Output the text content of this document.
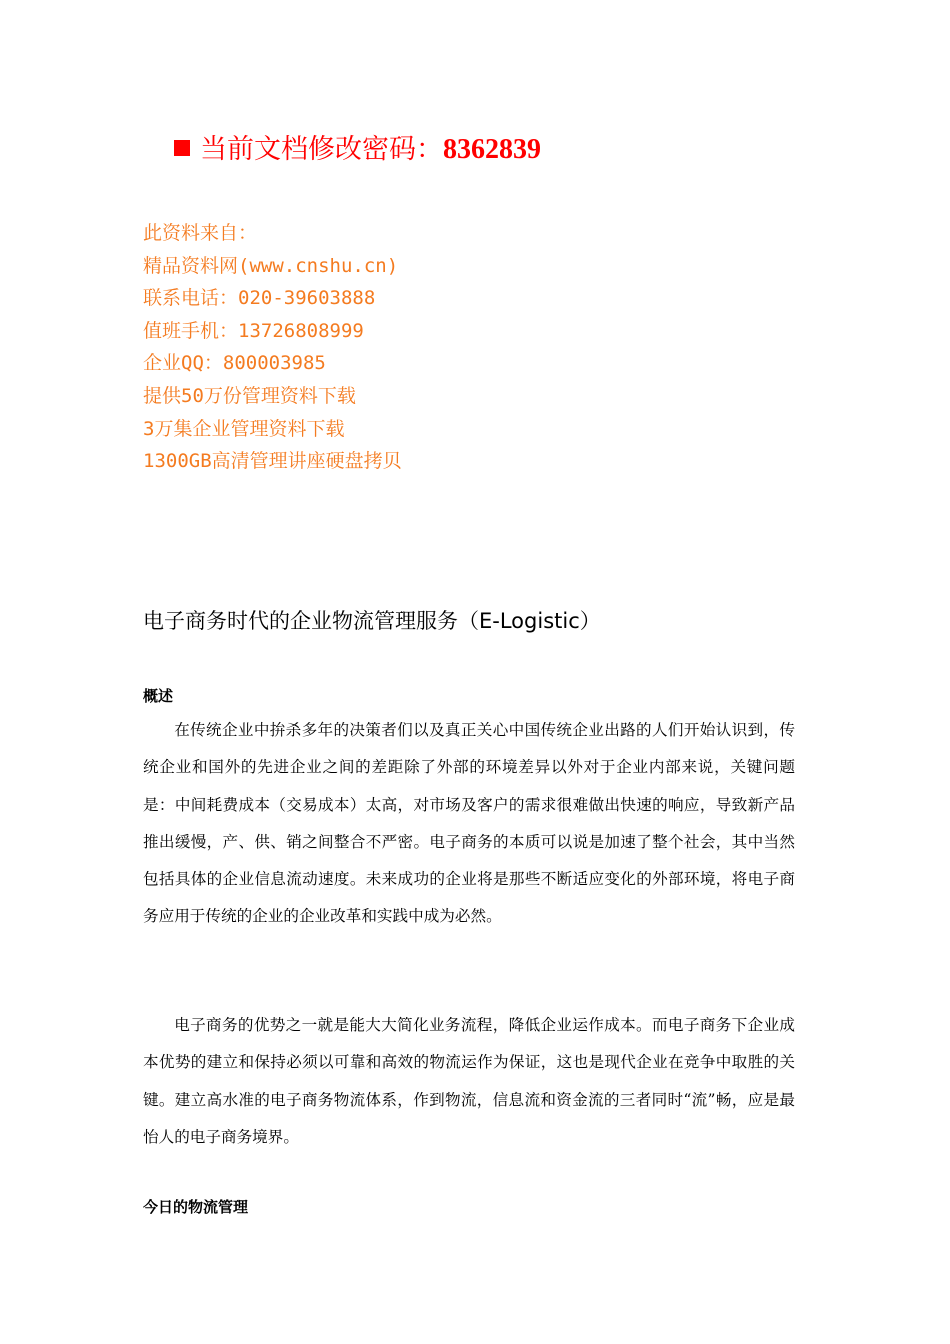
当前文档修改密码：8362839
此资料来自：
精品资料网(www.cnshu.cn)
联系电话：020-39603888
值班手机：13726808999
企业QQ：800003985
提供50万份管理资料下载
3万集企业管理资料下载
1300GB高清管理讲座硬盘拷贝
电子商务时代的企业物流管理服务（E-Logistic）
概述

在传统企业中拚杀多年的决策者们以及真正关心中国传统企业出路的人们开始认识到，传统企业和国外的先进企业之间的差距除了外部的环境差异以外对于企业内部来说，关键问题是：中间耗费成本（交易成本）太高，对市场及客户的需求很难做出快速的响应，导致新产品推出缓慢，产、供、销之间整合不严密。电子商务的本质可以说是加速了整个社会，其中当然包括具体的企业信息流动速度。未来成功的企业将是那些不断适应变化的外部环境，将电子商务应用于传统的企业的企业改革和实践中成为必然。

电子商务的优势之一就是能大大简化业务流程，降低企业运作成本。而电子商务下企业成本优势的建立和保持必须以可靠和高效的物流运作为保证，这也是现代企业在竞争中取胜的关键。建立高水准的电子商务物流体系，作到物流，信息流和资金流的三者同时“流”畅，应是最怡人的电子商务境界。

今日的物流管理
